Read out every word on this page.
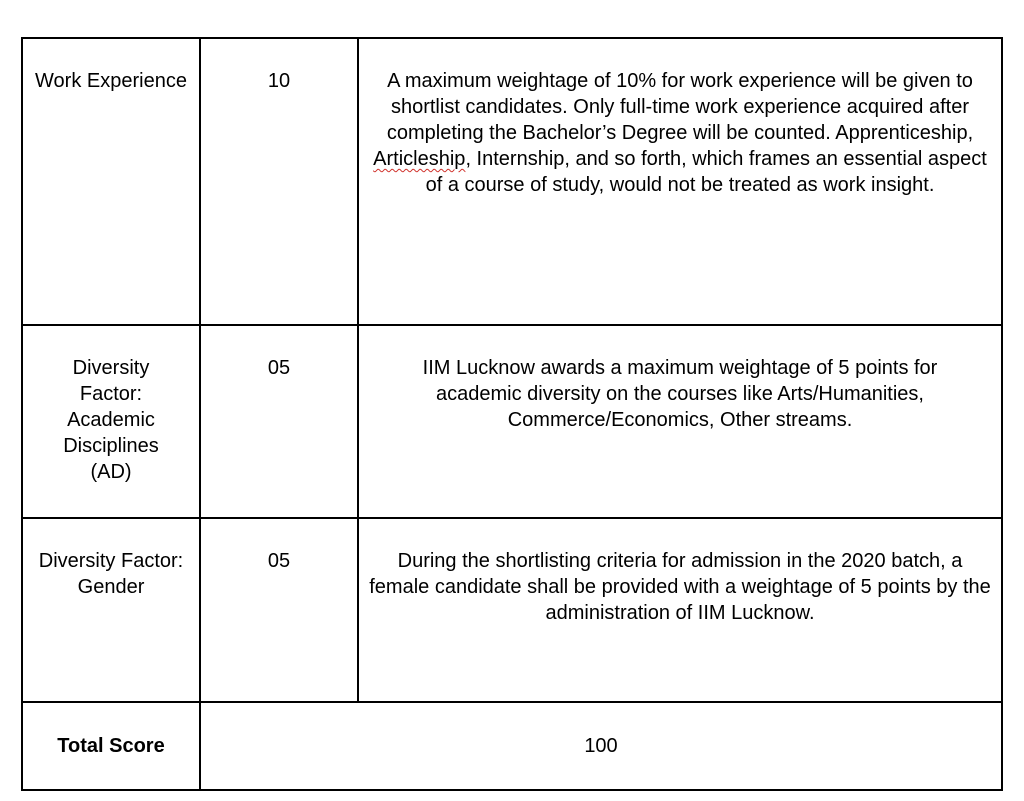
Work Experience	10	A maximum weightage of 10% for work experience will be given to shortlist candidates. Only full-time work experience acquired after completing the Bachelor’s Degree will be counted. Apprenticeship, Articleship, Internship, and so forth, which frames an essential aspect of a course of study, would not be treated as work insight.
Diversity Factor: Academic Disciplines (AD)	05	IIM Lucknow awards a maximum weightage of 5 points for academic diversity on the courses like Arts/Humanities, Commerce/Economics, Other streams.
Diversity Factor: Gender	05	During the shortlisting criteria for admission in the 2020 batch, a female candidate shall be provided with a weightage of 5 points by the administration of IIM Lucknow.
Total Score	100	
